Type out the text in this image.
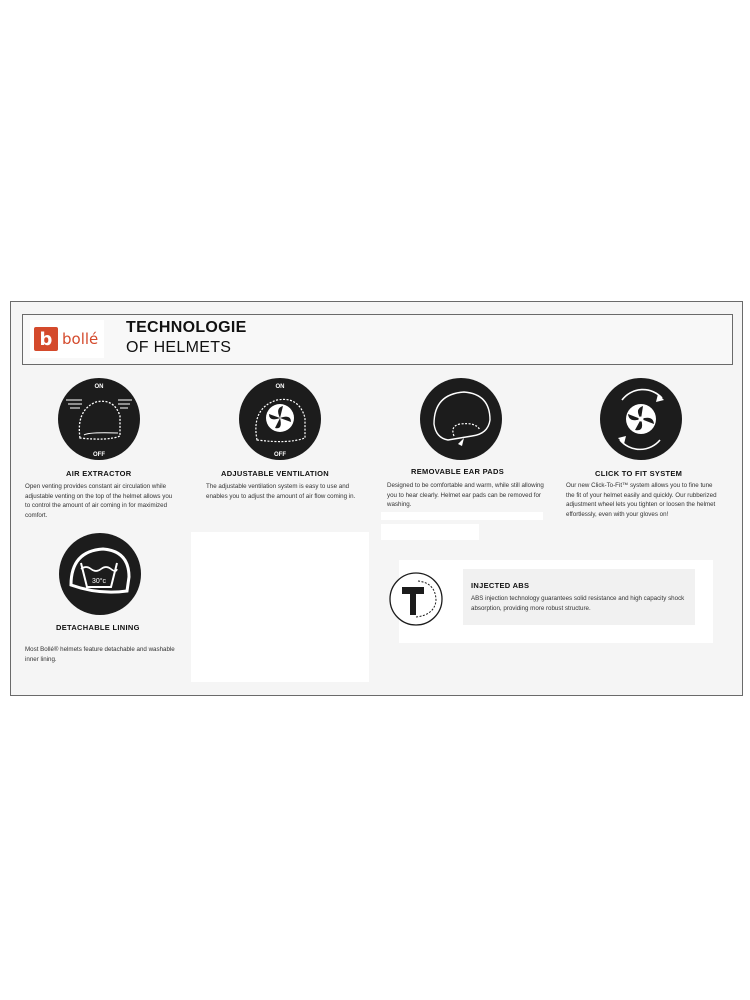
b bollé
TECHNOLOGIE
OF HELMETS
ON
OFF
AIR EXTRACTOR

Open venting provides constant air circulation while adjustable venting on the top of the helmet allows you to control the amount of air coming in for maximized comfort.

ON
OFF
ADJUSTABLE VENTILATION

The adjustable ventilation system is easy to use and enables you to adjust the amount of air flow coming in.

REMOVABLE EAR PADS

Designed to be comfortable and warm, while still allowing you to hear clearly. Helmet ear pads can be removed for washing.

CLICK TO FIT SYSTEM

Our new Click-To-Fit™ system allows you to fine tune the fit of your helmet easily and quickly. Our rubberized adjustment wheel lets you tighten or loosen the helmet effortlessly, even with your gloves on!

30°c
DETACHABLE LINING

Most Bollé® helmets feature detachable and washable inner lining.

INJECTED ABS

ABS injection technology guarantees solid resistance and high capacity shock absorption, providing more robust structure.
